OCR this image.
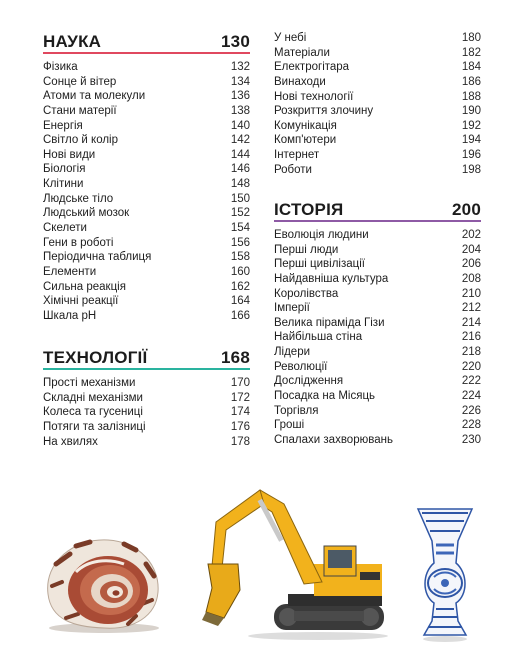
НАУКА	130
Фізика	132
Сонце й вітер	134
Атоми та молекули	136
Стани матерії	138
Енергія	140
Світло й колір	142
Нові види	144
Біологія	146
Клітини	148
Людське тіло	150
Людський мозок	152
Скелети	154
Гени в роботі	156
Періодична таблиця	158
Елементи	160
Сильна реакція	162
Хімічні реакції	164
Шкала рН	166
ТЕХНОЛОГІЇ	168
Прості механізми	170
Складні механізми	172
Колеса та гусениці	174
Потяги та залізниці	176
На хвилях	178
У небі	180
Матеріали	182
Електрогітара	184
Винаходи	186
Нові технології	188
Розкриття злочину	190
Комунікація	192
Комп'ютери	194
Інтернет	196
Роботи	198
ІСТОРІЯ	200
Еволюція людини	202
Перші люди	204
Перші цивілізації	206
Найдавніша культура	208
Королівства	210
Імперії	212
Велика піраміда Гізи	214
Найбільша стіна	216
Лідери	218
Революції	220
Дослідження	222
Посадка на Місяць	224
Торгівля	226
Гроші	228
Спалахи захворювань	230
